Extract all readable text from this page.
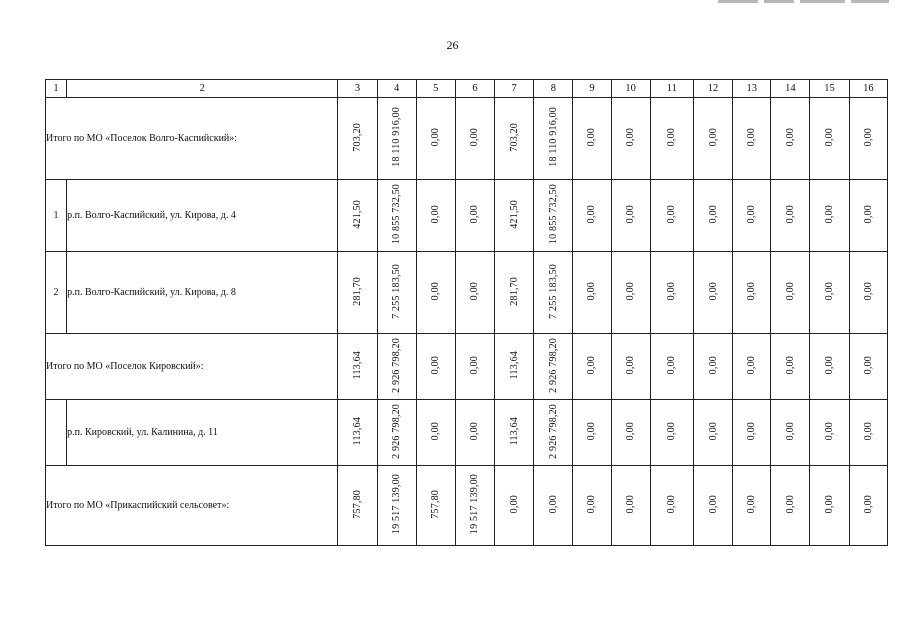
26
1	2	3	4	5	6	7	8	9	10	11	12	13	14	15	16
Итого по МО «Поселок Волго-Каспийский»:		703,20	18 110 916,00	0,00	0,00	703,20	18 110 916,00	0,00	0,00	0,00	0,00	0,00	0,00	0,00	0,00
1	р.п. Волго-Каспийский, ул. Кирова, д. 4	421,50	10 855 732,50	0,00	0,00	421,50	10 855 732,50	0,00	0,00	0,00	0,00	0,00	0,00	0,00	0,00
2	р.п. Волго-Каспийский, ул. Кирова, д. 8	281,70	7 255 183,50	0,00	0,00	281,70	7 255 183,50	0,00	0,00	0,00	0,00	0,00	0,00	0,00	0,00
Итого по МО «Поселок Кировский»:		113,64	2 926 798,20	0,00	0,00	113,64	2 926 798,20	0,00	0,00	0,00	0,00	0,00	0,00	0,00	0,00
	р.п. Кировский, ул. Калинина, д. 11	113,64	2 926 798,20	0,00	0,00	113,64	2 926 798,20	0,00	0,00	0,00	0,00	0,00	0,00	0,00	0,00
Итого по МО «Прикаспийский сельсовет»:		757,80	19 517 139,00	757,80	19 517 139,00	0,00	0,00	0,00	0,00	0,00	0,00	0,00	0,00	0,00	0,00
